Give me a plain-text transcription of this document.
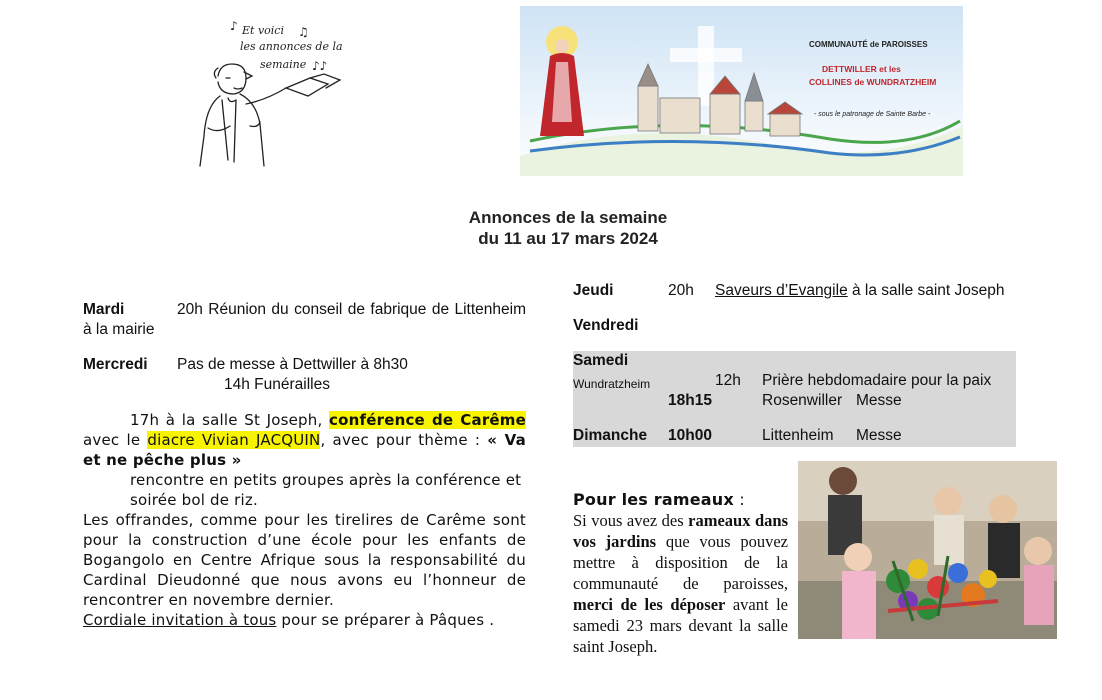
Et voici
les annonces de la
semaine
♪	♫
♪♪
COMMUNAUTÉ de PAROISSES
DETTWILLER et les
COLLINES de WUNDRATZHEIM
- sous le patronage de Sainte Barbe -
Annonces de la semaine
du 11 au 17 mars 2024
Mardi	20h Réunion du conseil de fabrique de Littenheim à la mairie
Mercredi Pas de messe à Dettwiller à 8h30
14h Funérailles
17h à la salle St Joseph, conférence de Carême avec le diacre Vivian JACQUIN, avec pour thème : « Va et ne pêche plus »
rencontre en petits groupes après la conférence et
soirée bol de riz.
Les offrandes, comme pour les tirelires de Carême sont pour la construction d’une école pour les enfants de Bogangolo en Centre Afrique sous la responsabilité du Cardinal Dieudonné que nous avons eu l’honneur de rencontrer en novembre dernier.
Cordiale invitation à tous pour se préparer à Pâques .
Jeudi	20h Saveurs d’Evangile à la salle saint Joseph
Vendredi
Samedi
Wundratzheim	12h Prière hebdomadaire pour la paix
18h15	Rosenwiller Messe
Dimanche 10h00	Littenheim Messe
Pour les rameaux :
Si vous avez des rameaux dans vos jardins que vous pouvez mettre à disposition de la communauté de paroisses, merci de les déposer avant le samedi 23 mars devant la salle saint Joseph.
